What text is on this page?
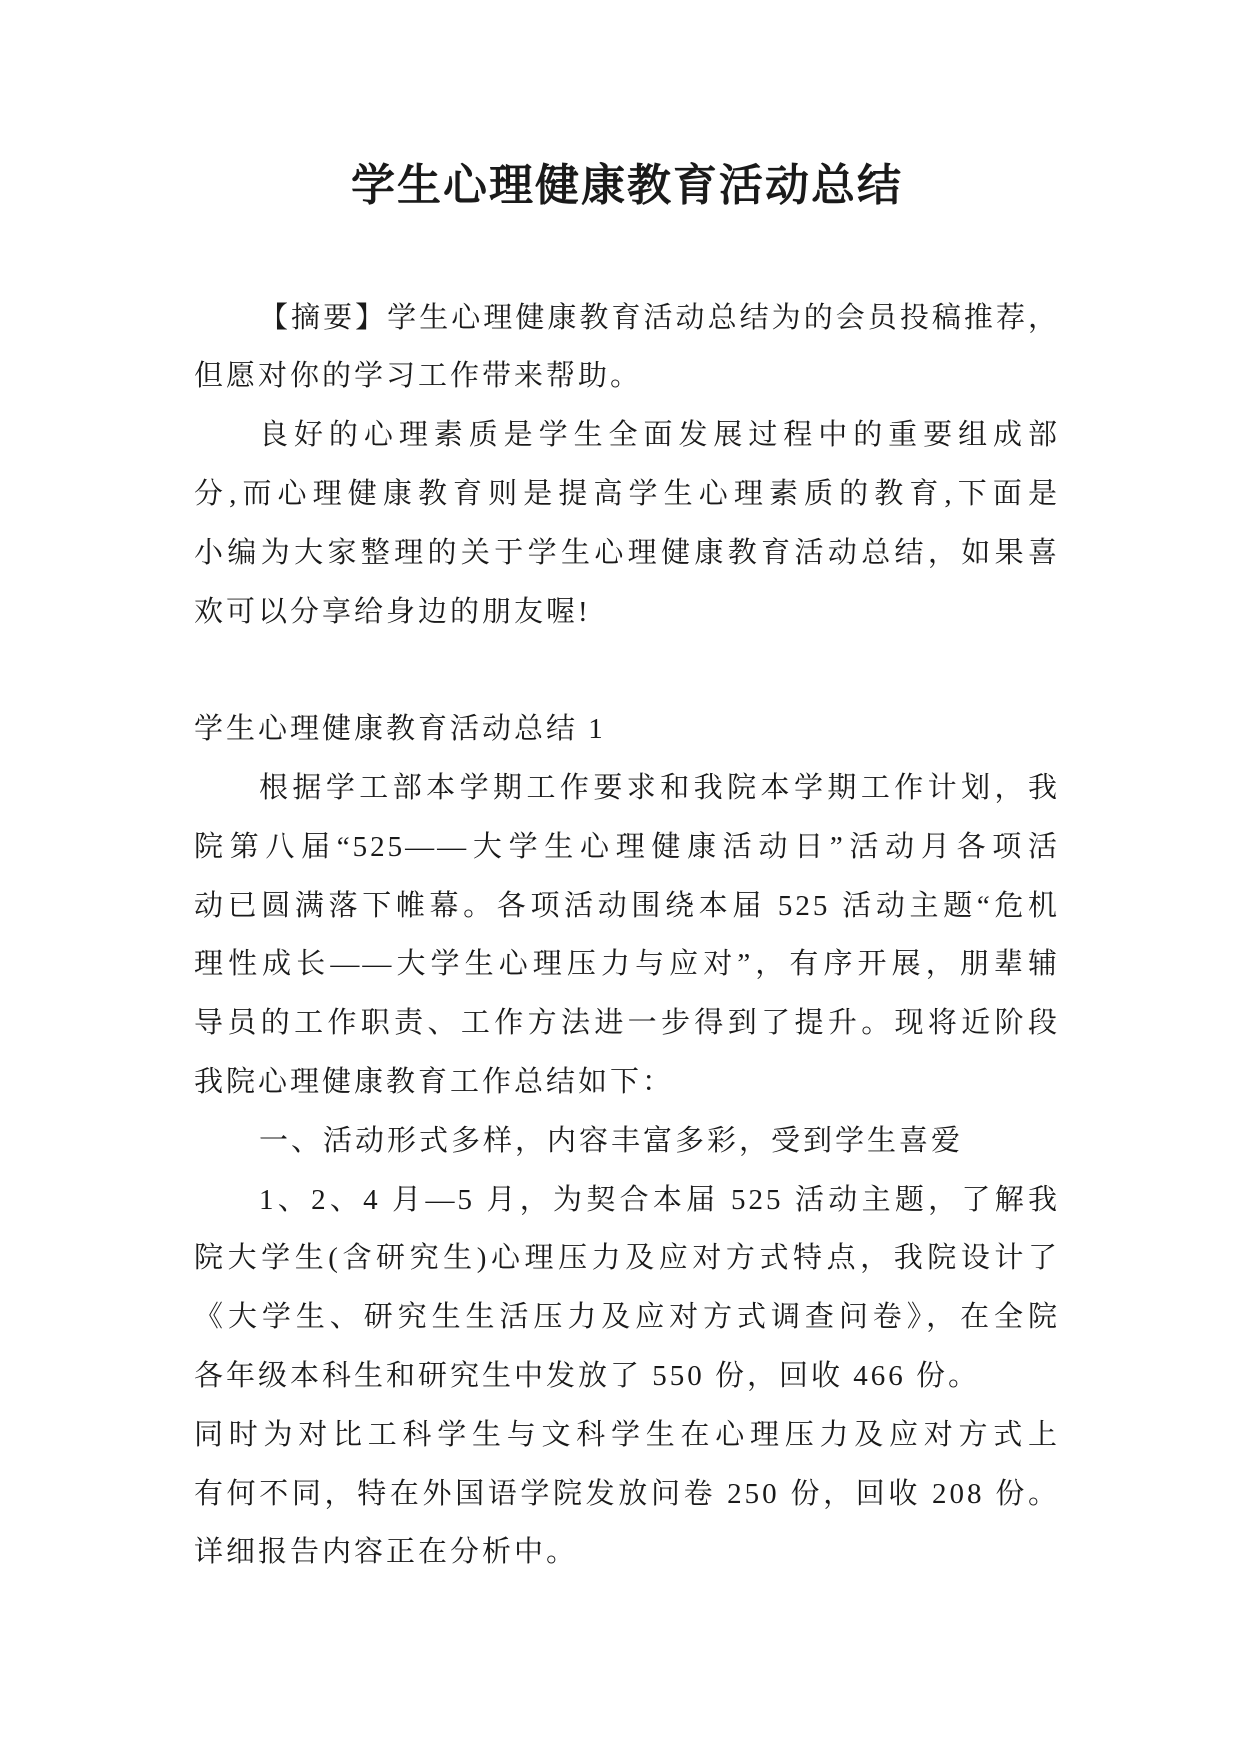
学生心理健康教育活动总结
【摘要】学生心理健康教育活动总结为的会员投稿推荐，
但愿对你的学习工作带来帮助。
良好的心理素质是学生全面发展过程中的重要组成部
分,而心理健康教育则是提高学生心理素质的教育,下面是
小编为大家整理的关于学生心理健康教育活动总结，如果喜
欢可以分享给身边的朋友喔!
学生心理健康教育活动总结 1
根据学工部本学期工作要求和我院本学期工作计划，我
院第八届“525——大学生心理健康活动日”活动月各项活
动已圆满落下帷幕。各项活动围绕本届 525 活动主题“危机
理性成长——大学生心理压力与应对”，有序开展，朋辈辅
导员的工作职责、工作方法进一步得到了提升。现将近阶段
我院心理健康教育工作总结如下：
一、活动形式多样，内容丰富多彩，受到学生喜爱
1、2、4 月—5 月，为契合本届 525 活动主题，了解我
院大学生(含研究生)心理压力及应对方式特点，我院设计了
《大学生、研究生生活压力及应对方式调查问卷》，在全院
各年级本科生和研究生中发放了 550 份，回收 466 份。
同时为对比工科学生与文科学生在心理压力及应对方式上
有何不同，特在外国语学院发放问卷 250 份，回收 208 份。
详细报告内容正在分析中。
